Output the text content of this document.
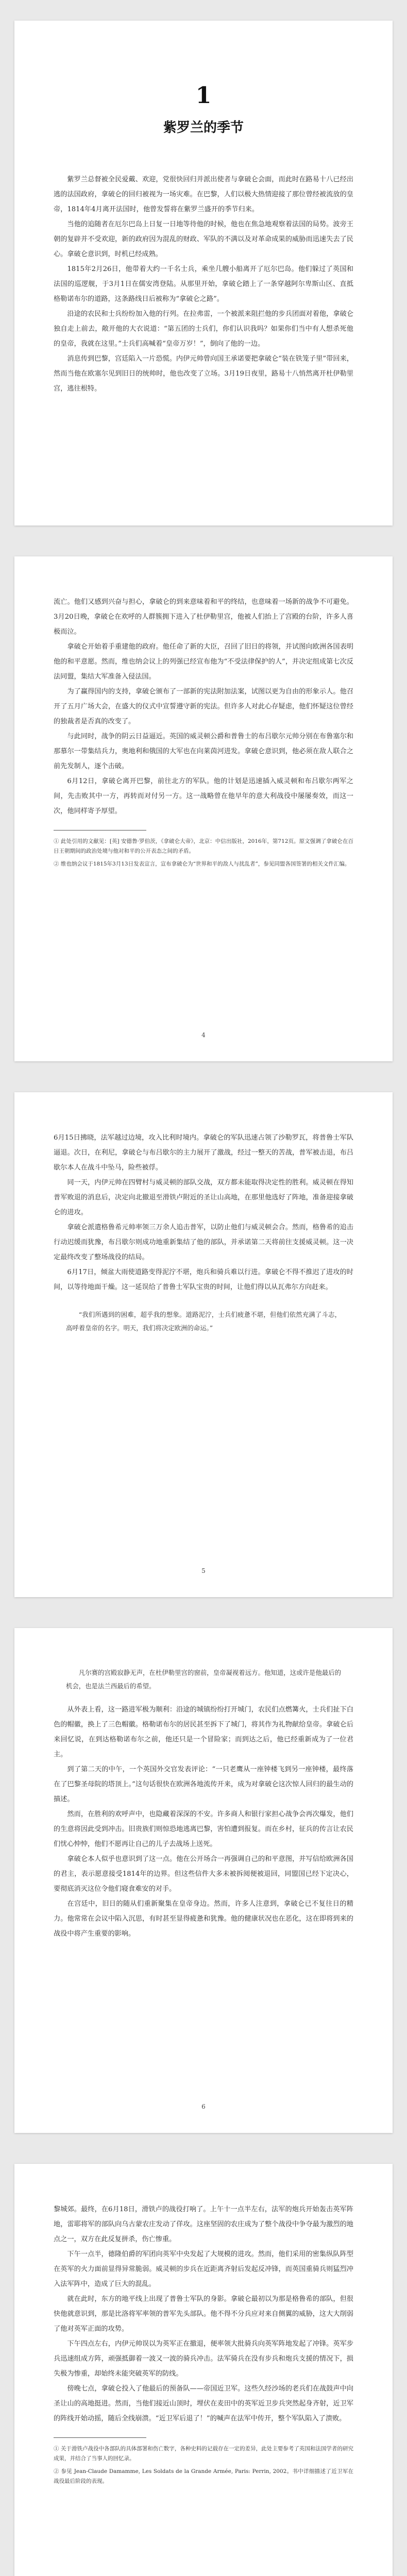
1
紫罗兰的季节

紫罗兰总督被全民爱戴、欢迎，党很快回归并派出使者与拿破仑会面，而此时在路易十八已经出逃的法国政府，拿破仑的回归被视为一场灾难。在巴黎，人们以极大热情迎接了那位曾经被流放的皇帝，1814年4月离开法国时，他曾发誓将在紫罗兰盛开的季节归来。

当他的追随者在厄尔巴岛上日复一日地等待他的时候，他也在焦急地观察着法国的局势。波旁王朝的复辟并不受欢迎，新的政府因为混乱的财政、军队的不满以及对革命成果的威胁而迅速失去了民心。拿破仑意识到，时机已经成熟。

1815年2月26日，他带着大约一千名士兵，乘坐几艘小船离开了厄尔巴岛。他们躲过了英国和法国的巡逻舰，于3月1日在儒安湾登陆。从那里开始，拿破仑踏上了一条穿越阿尔卑斯山区、直抵格勒诺布尔的道路，这条路线日后被称为“拿破仑之路”。

沿途的农民和士兵纷纷加入他的行列。在拉弗雷，一个被派来阻拦他的步兵团面对着他，拿破仑独自走上前去，敞开他的大衣说道：“第五团的士兵们，你们认识我吗？如果你们当中有人想杀死他的皇帝，我就在这里。”士兵们高喊着“皇帝万岁！”，倒向了他的一边。

消息传到巴黎，宫廷陷入一片恐慌。内伊元帅曾向国王承诺要把拿破仑“装在铁笼子里”带回来，然而当他在欧塞尔见到旧日的统帅时，他也改变了立场。3月19日夜里，路易十八悄然离开杜伊勒里宫，逃往根特。

流亡。他们又感到兴奋与担心，拿破仑的到来意味着和平的终结，也意味着一场新的战争不可避免。3月20日晚，拿破仑在欢呼的人群簇拥下进入了杜伊勒里宫，他被人们抬上了宫殿的台阶，许多人喜极而泣。

拿破仑开始着手重建他的政府。他任命了新的大臣，召回了旧日的将领，并试图向欧洲各国表明他的和平意愿。然而，维也纳会议上的列强已经宣布他为“不受法律保护的人”，并决定组成第七次反法同盟，集结大军准备入侵法国。

为了赢得国内的支持，拿破仑颁布了一部新的宪法附加法案，试图以更为自由的形象示人。他召开了五月广场大会，在盛大的仪式中宣誓遵守新的宪法。但许多人对此心存疑虑，他们怀疑这位曾经的独裁者是否真的改变了。

与此同时，战争的阴云日益逼近。英国的威灵顿公爵和普鲁士的布吕歇尔元帅分别在布鲁塞尔和那慕尔一带集结兵力，奥地利和俄国的大军也在向莱茵河进发。拿破仑意识到，他必须在敌人联合之前先发制人，逐个击破。

6月12日，拿破仑离开巴黎，前往北方的军队。他的计划是迅速插入威灵顿和布吕歇尔两军之间，先击败其中一方，再转而对付另一方。这一战略曾在他早年的意大利战役中屡屡奏效，而这一次，他同样寄予厚望。

① 此处引用的文献见：[英] 安德鲁·罗伯茨，《拿破仑大帝》，北京：中信出版社，2016年，第712页。原文强调了拿破仑在百日王朝期间的政治处境与他对和平的公开表态之间的矛盾。

② 维也纳会议于1815年3月13日发表宣言，宣布拿破仑为“世界和平的敌人与扰乱者”，参见同盟各国签署的相关文件汇编。

4

6月15日拂晓，法军越过边境，攻入比利时境内。拿破仑的军队迅速占领了沙勒罗瓦，将普鲁士军队逼退。次日，在利尼，拿破仑与布吕歇尔的主力展开了激战，经过一整天的苦战，普军被击退，布吕歇尔本人在战斗中坠马，险些被俘。

同一天，内伊元帅在四臂村与威灵顿的部队交战，双方都未能取得决定性的胜利。威灵顿在得知普军败退的消息后，决定向北撤退至滑铁卢附近的圣让山高地，在那里他选好了阵地，准备迎接拿破仑的进攻。

拿破仑派遣格鲁希元帅率领三万余人追击普军，以防止他们与威灵顿会合。然而，格鲁希的追击行动迟缓而犹豫，布吕歇尔则成功地重新集结了他的部队，并承诺第二天将前往支援威灵顿。这一决定最终改变了整场战役的结局。

6月17日，倾盆大雨使道路变得泥泞不堪，炮兵和骑兵难以行进。拿破仑不得不推迟了进攻的时间，以等待地面干燥。这一延误给了普鲁士军队宝贵的时间，让他们得以从瓦弗尔方向赶来。

“我们所遇到的困难，超乎我的想象。道路泥泞，士兵们疲惫不堪，但他们依然充满了斗志，高呼着皇帝的名字。明天，我们将决定欧洲的命运。”

5

凡尔赛的宫殿寂静无声，在杜伊勒里宫的窗前，皇帝凝视着远方。他知道，这或许是他最后的机会，也是法兰西最后的希望。

从外表上看，这一路进军极为顺利：沿途的城镇纷纷打开城门，农民们点燃篝火，士兵们扯下白色的帽徽，换上了三色帽徽。格勒诺布尔的居民甚至拆下了城门，将其作为礼物献给皇帝。拿破仑后来回忆说，在到达格勒诺布尔之前，他还只是一个冒险家；而到达之后，他已经重新成为了一位君主。

到了第二天的中午，一个英国外交官发表评论：“一只老鹰从一座钟楼飞到另一座钟楼，最终落在了巴黎圣母院的塔顶上。”这句话很快在欧洲各地流传开来，成为对拿破仑这次惊人回归的最生动的描述。

然而，在胜利的欢呼声中，也隐藏着深深的不安。许多商人和银行家担心战争会再次爆发，他们的生意将因此受到冲击。旧贵族们则惊恐地逃离巴黎，害怕遭到报复。而在乡村，征兵的传言让农民们忧心忡忡，他们不愿再让自己的儿子去战场上送死。

拿破仑本人似乎也意识到了这一点。他在公开场合一再强调自己的和平意图，并写信给欧洲各国的君主，表示愿意接受1814年的边界。但这些信件大多未被拆阅便被退回，同盟国已经下定决心，要彻底消灭这位令他们寝食难安的对手。

在宫廷中，旧日的随从们重新聚集在皇帝身边。然而，许多人注意到，拿破仑已不复往日的精力。他常常在会议中陷入沉思，有时甚至显得疲惫和犹豫。他的健康状况也在恶化，这在即将到来的战役中将产生重要的影响。

6

黎城郊。最终，在6月18日，滑铁卢的战役打响了。上午十一点半左右，法军的炮兵开始轰击英军阵地，雷耶将军的部队向乌古蒙农庄发动了佯攻。这座坚固的农庄成为了整个战役中争夺最为激烈的地点之一，双方在此反复拼杀，伤亡惨重。

下午一点半，德隆伯爵的军团向英军中央发起了大规模的进攻。然而，他们采用的密集纵队阵型在英军的火力面前显得异常脆弱。威灵顿的步兵在近距离齐射后发起反冲锋，而英国重骑兵则猛烈冲入法军阵中，造成了巨大的混乱。

就在此时，东方的地平线上出现了普鲁士军队的身影。拿破仑最初以为那是格鲁希的部队，但很快他就意识到，那是比洛将军率领的普军先头部队。他不得不分兵应对来自侧翼的威胁，这大大削弱了他对英军正面的攻势。

下午四点左右，内伊元帅误以为英军正在撤退，便率领大批骑兵向英军阵地发起了冲锋。英军步兵迅速组成方阵，顽强抵御着一波又一波的骑兵冲击。法军骑兵在没有步兵和炮兵支援的情况下，损失极为惨重，却始终未能突破英军的防线。

傍晚七点，拿破仑投入了他最后的预备队——帝国近卫军。这些久经沙场的老兵们在战鼓声中向圣让山的高地挺进。然而，当他们接近山顶时，埋伏在麦田中的英军近卫步兵突然起身齐射，近卫军的阵线开始动摇，随后全线崩溃。“近卫军后退了！”的喊声在法军中传开，整个军队陷入了溃败。

① 关于滑铁卢战役中各部队的具体部署和伤亡数字，各种史料的记载存在一定的差异，此处主要参考了英国和法国学者的研究成果，并结合了当事人的回忆录。

② 参见 Jean-Claude Damamme, Les Soldats de la Grande Armée, Paris: Perrin, 2002。书中详细描述了近卫军在战役最后阶段的表现。
